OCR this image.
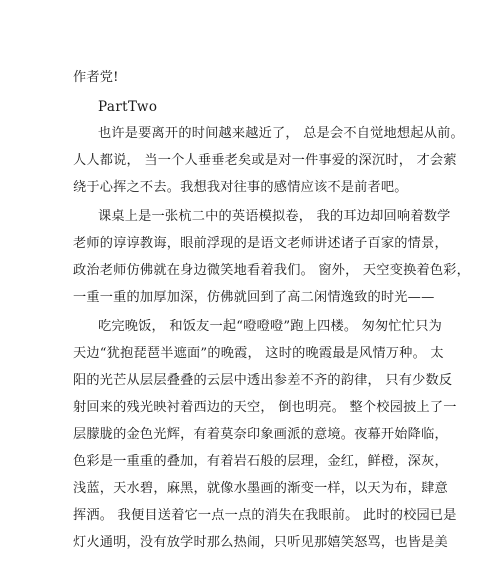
作者党!
PartTwo
也许是要离开的时间越来越近了， 总是会不自觉地想起从前。
人人都说， 当一个人垂垂老矣或是对一件事爱的深沉时， 才会萦
绕于心挥之不去。我想我对往事的感情应该不是前者吧。
课桌上是一张杭二中的英语模拟卷， 我的耳边却回响着数学
老师的谆谆教诲，眼前浮现的是语文老师讲述诸子百家的情景，
政治老师仿佛就在身边微笑地看着我们。 窗外， 天空变换着色彩，
一重一重的加厚加深，仿佛就回到了高二闲情逸致的时光——
吃完晚饭， 和饭友一起“噔噔噔”跑上四楼。 匆匆忙忙只为
天边“犹抱琵琶半遮面”的晚霞， 这时的晚霞最是风情万种。 太
阳的光芒从层层叠叠的云层中透出参差不齐的韵律， 只有少数反
射回来的残光映衬着西边的天空， 倒也明亮。 整个校园披上了一
层朦胧的金色光辉，有着莫奈印象画派的意境。夜幕开始降临，
色彩是一重重的叠加，有着岩石般的层理，金红，鲜橙，深灰，
浅蓝，天水碧，麻黑，就像水墨画的渐变一样，以天为布，肆意
挥洒。 我便目送着它一点一点的消失在我眼前。 此时的校园已是
灯火通明，没有放学时那么热闹，只听见那嬉笑怒骂，也皆是美
